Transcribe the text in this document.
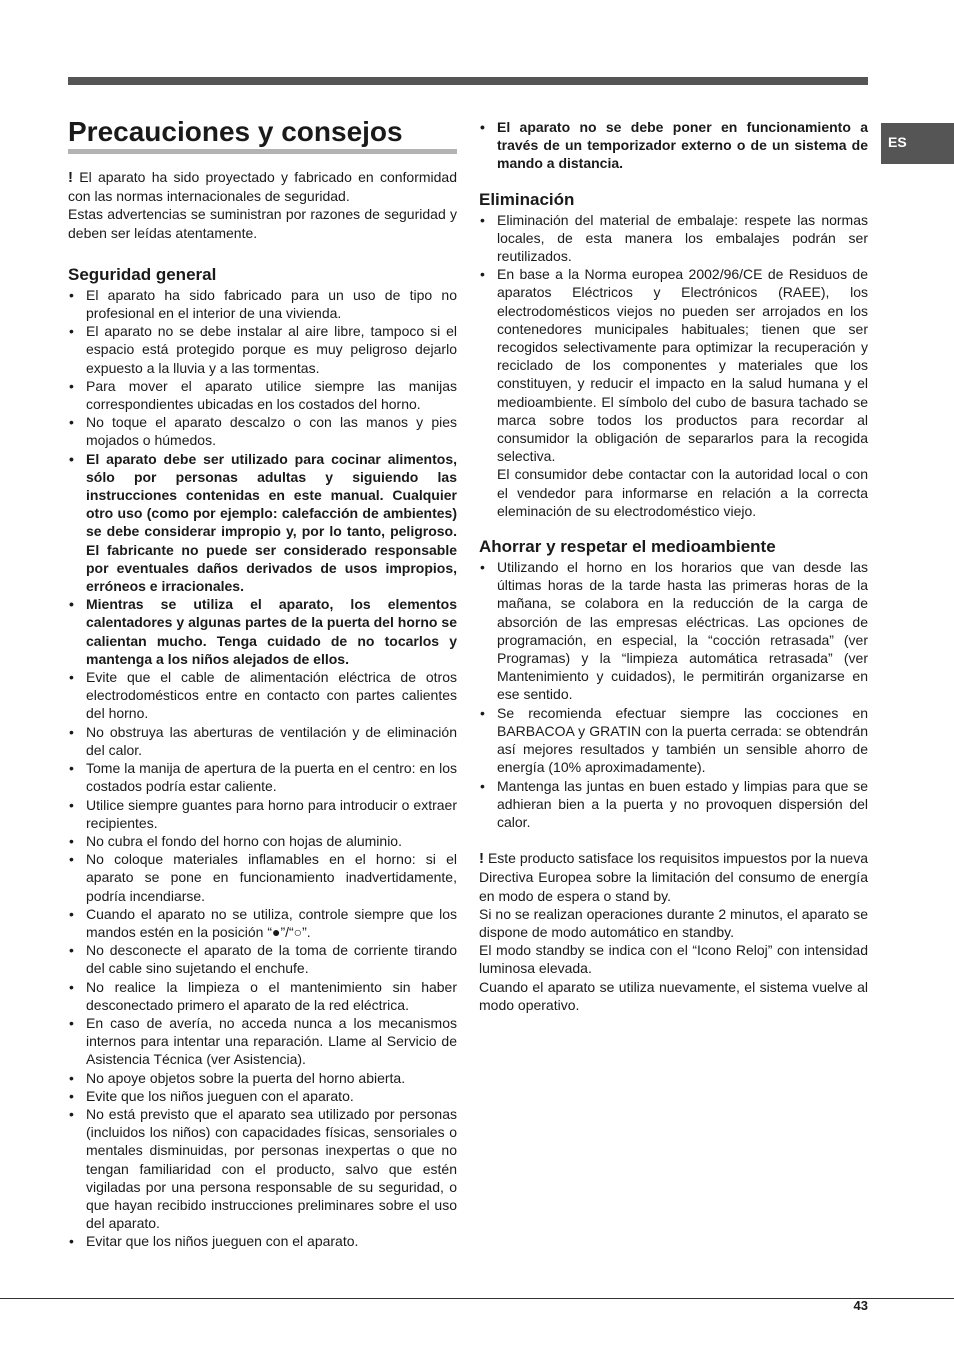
ES
Precauciones y consejos

! El aparato ha sido proyectado y fabricado en conformidad con las normas internacionales de seguridad.

Estas advertencias se suministran por razones de seguridad y deben ser leídas atentamente.

Seguridad general
• El aparato ha sido fabricado para un uso de tipo no profesional en el interior de una vivienda.
• El aparato no se debe instalar al aire libre, tampoco si el espacio está protegido porque es muy peligroso dejarlo expuesto a la lluvia y a las tormentas.
• Para mover el aparato utilice siempre las manijas correspondientes ubicadas en los costados del horno.
• No toque el aparato descalzo o con las manos y pies mojados o húmedos.
• El aparato debe ser utilizado para cocinar alimentos, sólo por personas adultas y siguiendo las instrucciones contenidas en este manual. Cualquier otro uso (como por ejemplo: calefacción de ambientes) se debe considerar impropio y, por lo tanto, peligroso. El fabricante no puede ser considerado responsable por eventuales daños derivados de usos impropios, erróneos e irracionales.
• Mientras se utiliza el aparato, los elementos calentadores y algunas partes de la puerta del horno se calientan mucho. Tenga cuidado de no tocarlos y mantenga a los niños alejados de ellos.
• Evite que el cable de alimentación eléctrica de otros electrodomésticos entre en contacto con partes calientes del horno.
• No obstruya las aberturas de ventilación y de eliminación del calor.
• Tome la manija de apertura de la puerta en el centro: en los costados podría estar caliente.
• Utilice siempre guantes para horno para introducir o extraer recipientes.
• No cubra el fondo del horno con hojas de aluminio.
• No coloque materiales inflamables en el horno: si el aparato se pone en funcionamiento inadvertidamente, podría incendiarse.
• Cuando el aparato no se utiliza, controle siempre que los mandos estén en la posición “●”/“○”.
• No desconecte el aparato de la toma de corriente tirando del cable sino sujetando el enchufe.
• No realice la limpieza o el mantenimiento sin haber desconectado primero el aparato de la red eléctrica.
• En caso de avería, no acceda nunca a los mecanismos internos para intentar una reparación. Llame al Servicio de Asistencia Técnica (ver Asistencia).
• No apoye objetos sobre la puerta del horno abierta.
• Evite que los niños jueguen con el aparato.
• No está previsto que el aparato sea utilizado por personas (incluidos los niños) con capacidades físicas, sensoriales o mentales disminuidas, por personas inexpertas o que no tengan familiaridad con el producto, salvo que estén vigiladas por una persona responsable de su seguridad, o que hayan recibido instrucciones preliminares sobre el uso del aparato.
• Evitar que los niños jueguen con el aparato.
• El aparato no se debe poner en funcionamiento a través de un temporizador externo o de un sistema de mando a distancia.
Eliminación
• Eliminación del material de embalaje: respete las normas locales, de esta manera los embalajes podrán ser reutilizados.
• En base a la Norma europea 2002/96/CE de Residuos de aparatos Eléctricos y Electrónicos (RAEE), los electrodomésticos viejos no pueden ser arrojados en los contenedores municipales habituales; tienen que ser recogidos selectivamente para optimizar la recuperación y reciclado de los componentes y materiales que los constituyen, y reducir el impacto en la salud humana y el medioambiente. El símbolo del cubo de basura tachado se marca sobre todos los productos para recordar al consumidor la obligación de separarlos para la recogida selectiva.

El consumidor debe contactar con la autoridad local o con el vendedor para informarse en relación a la correcta eleminación de su electrodoméstico viejo.

Ahorrar y respetar el medioambiente
• Utilizando el horno en los horarios que van desde las últimas horas de la tarde hasta las primeras horas de la mañana, se colabora en la reducción de la carga de absorción de las empresas eléctricas. Las opciones de programación, en especial, la “cocción retrasada” (ver Programas) y la “limpieza automática retrasada” (ver Mantenimiento y cuidados), le permitirán organizarse en ese sentido.
• Se recomienda efectuar siempre las cocciones en BARBACOA y GRATIN con la puerta cerrada: se obtendrán así mejores resultados y también un sensible ahorro de energía (10% aproximadamente).
• Mantenga las juntas en buen estado y limpias para que se adhieran bien a la puerta y no provoquen dispersión del calor.

! Este producto satisface los requisitos impuestos por la nueva Directiva Europea sobre la limitación del consumo de energía en modo de espera o stand by.

Si no se realizan operaciones durante 2 minutos, el aparato se dispone de modo automático en standby.

El modo standby se indica con el “Icono Reloj” con intensidad luminosa elevada.

Cuando el aparato se utiliza nuevamente, el sistema vuelve al modo operativo.

43
